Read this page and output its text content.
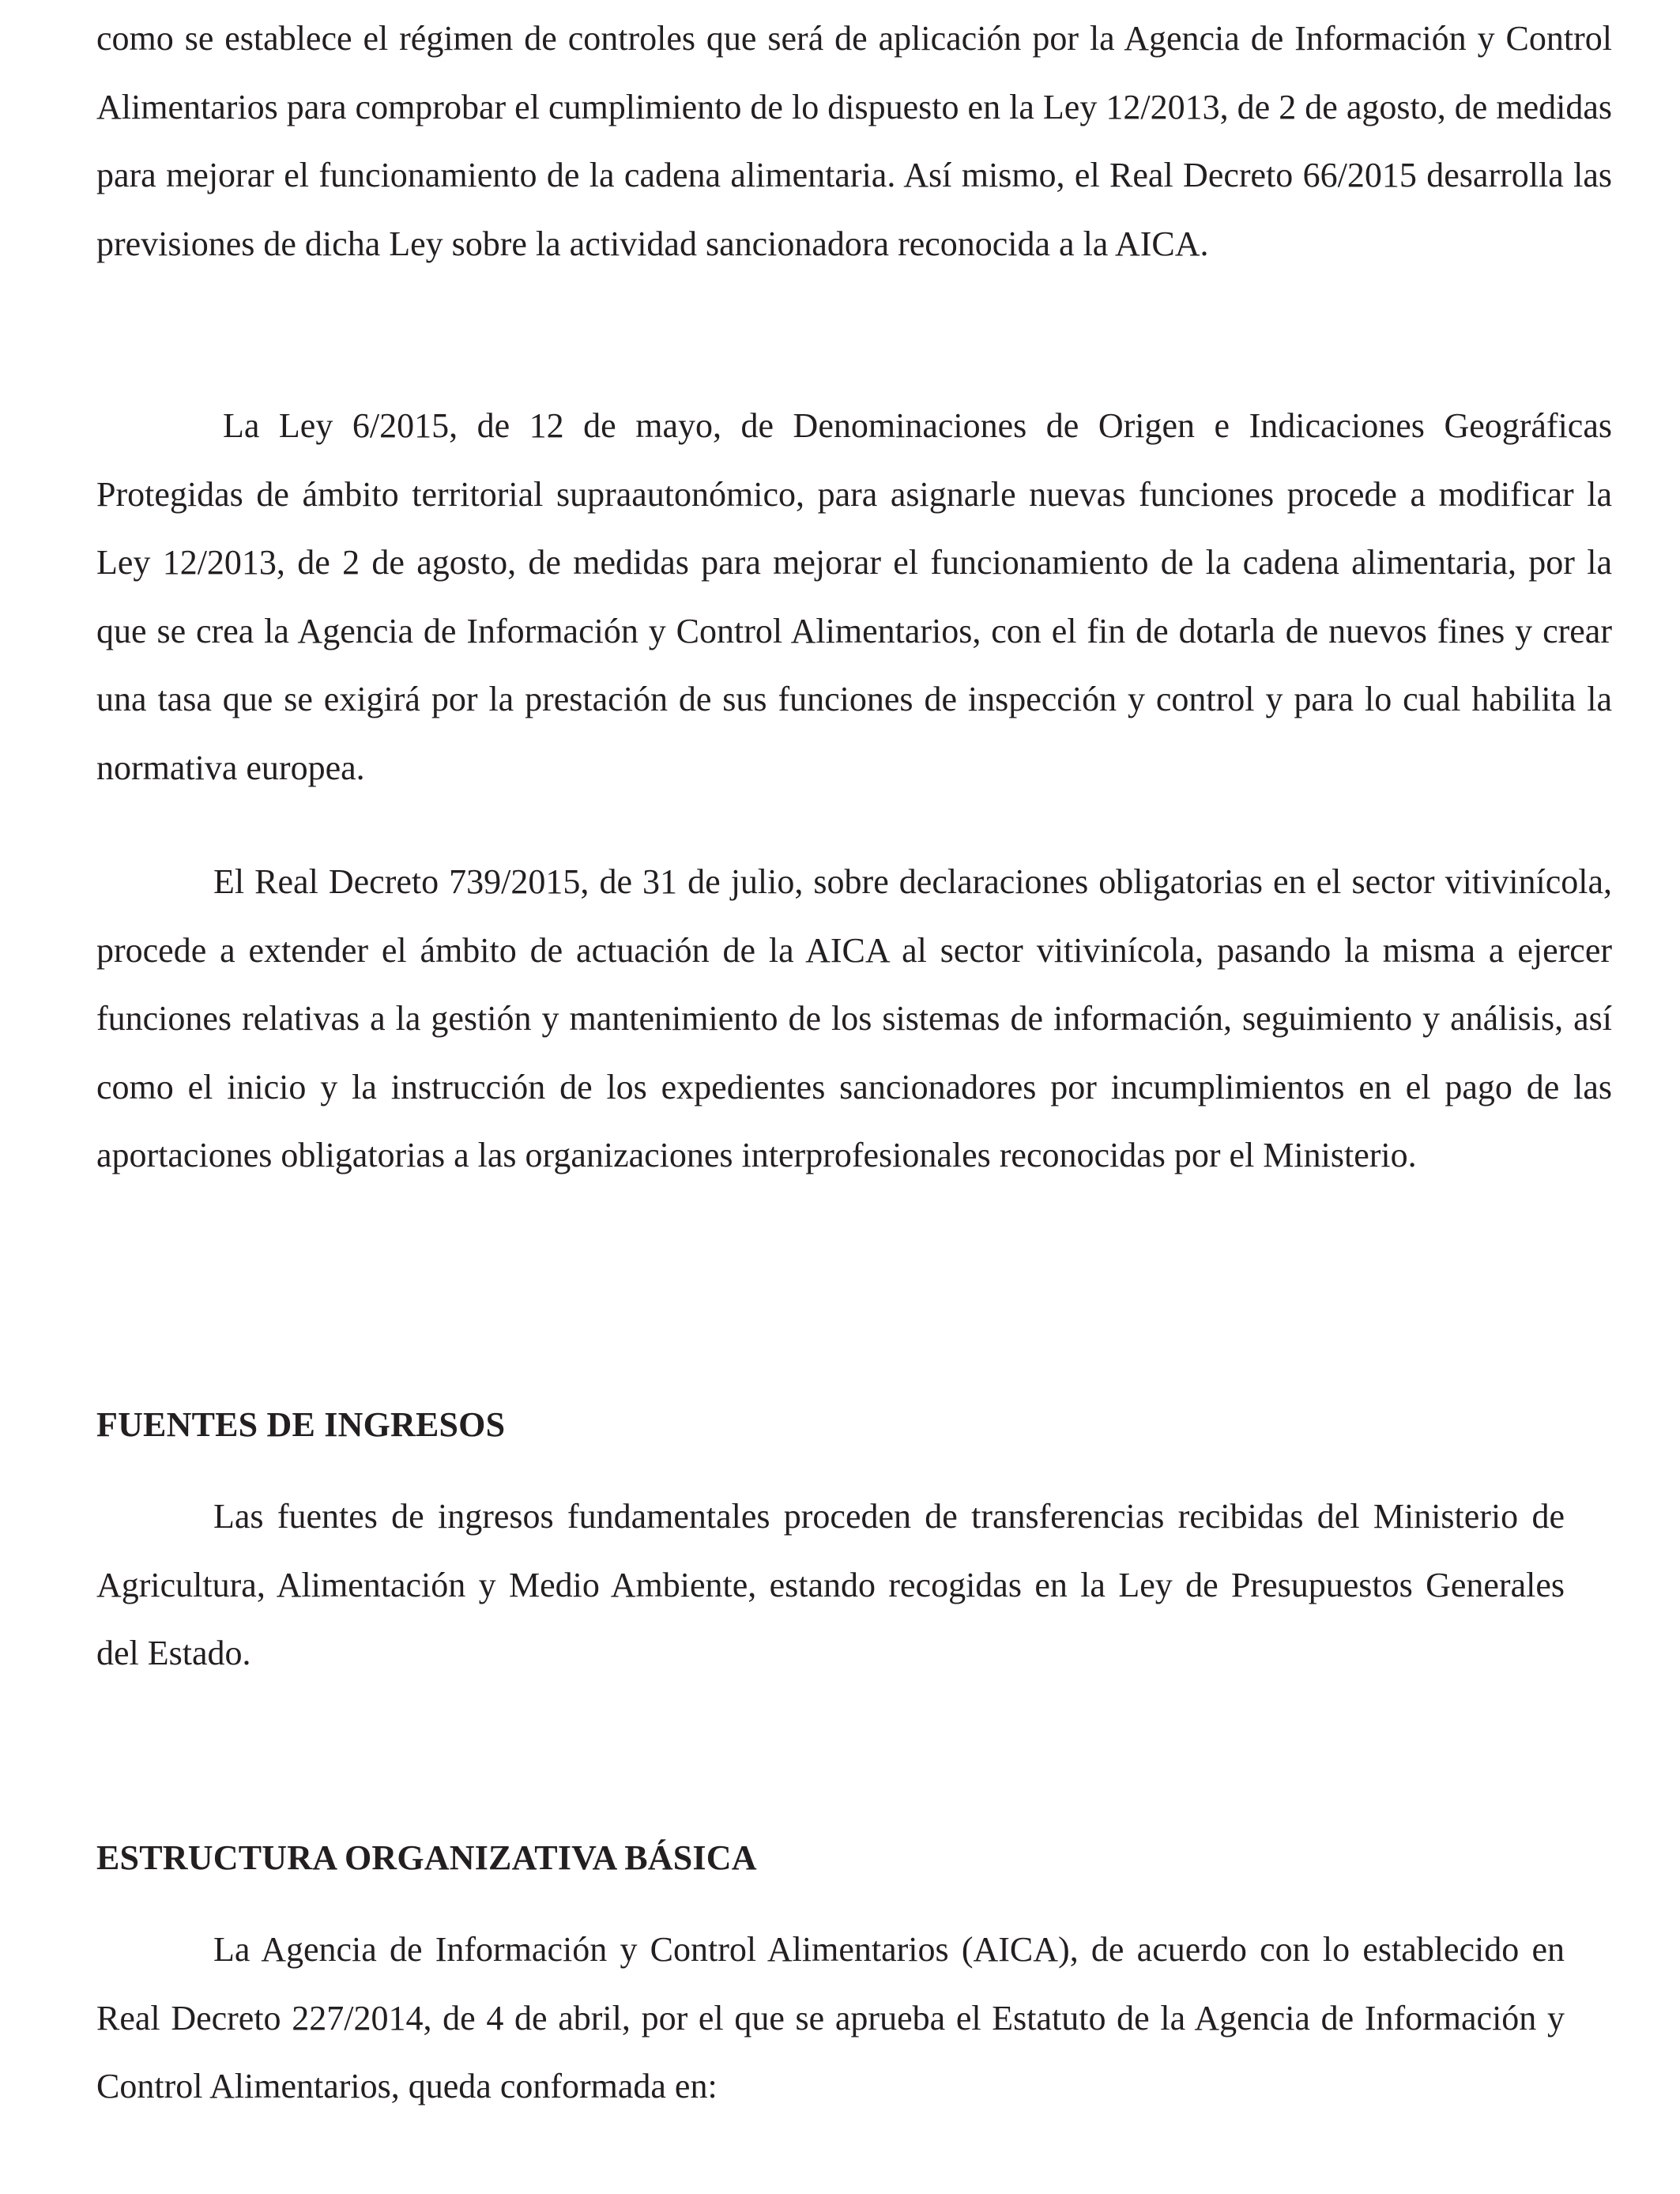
como se establece el régimen de controles que será de aplicación por la Agencia de Información y Control Alimentarios para comprobar el cumplimiento de lo dispuesto en la Ley 12/2013, de 2 de agosto, de medidas para mejorar el funcionamiento de la cadena alimentaria. Así mismo, el Real Decreto 66/2015 desarrolla las previsiones de dicha Ley sobre la actividad sancionadora reconocida a la AICA.

La Ley 6/2015, de 12 de mayo, de Denominaciones de Origen e Indicaciones Geográficas Protegidas de ámbito territorial supraautonómico, para asignarle nuevas funciones procede a modificar la Ley 12/2013, de 2 de agosto, de medidas para mejorar el funcionamiento de la cadena alimentaria, por la que se crea la Agencia de Información y Control Alimentarios, con el fin de dotarla de nuevos fines y crear una tasa que se exigirá por la prestación de sus funciones de inspección y control y para lo cual habilita la normativa europea.

El Real Decreto 739/2015, de 31 de julio, sobre declaraciones obligatorias en el sector vitivinícola, procede a extender el ámbito de actuación de la AICA al sector vitivinícola, pasando la misma a ejercer funciones relativas a la gestión y mantenimiento de los sistemas de información, seguimiento y análisis, así como el inicio y la instrucción de los expedientes sancionadores por incumplimientos en el pago de las aportaciones obligatorias a las organizaciones interprofesionales reconocidas por el Ministerio.

FUENTES DE INGRESOS

Las fuentes de ingresos fundamentales proceden de transferencias recibidas del Ministerio de Agricultura, Alimentación y Medio Ambiente, estando recogidas en la Ley de Presupuestos Generales del Estado.

ESTRUCTURA ORGANIZATIVA BÁSICA

La Agencia de Información y Control Alimentarios (AICA), de acuerdo con lo establecido en Real Decreto 227/2014, de 4 de abril, por el que se aprueba el Estatuto de la Agencia de Información y Control Alimentarios, queda conformada en:
